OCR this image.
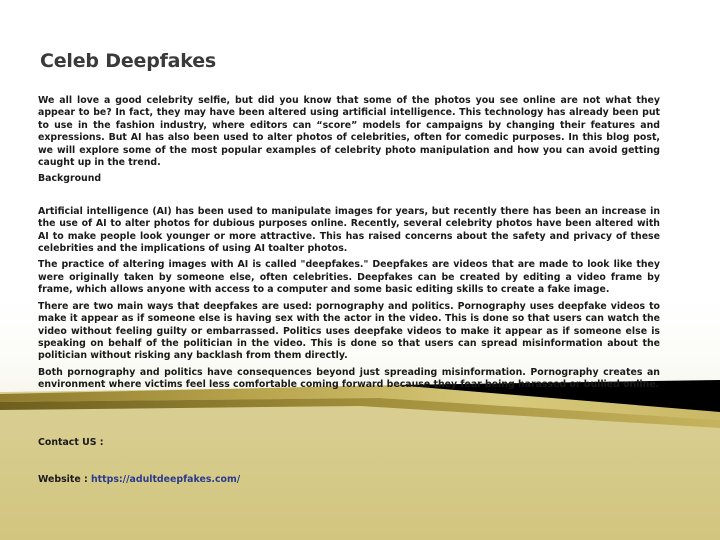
Celeb Deepfakes

We all love a good celebrity selfie, but did you know that some of the photos you see online are not what they appear to be? In fact, they may have been altered using artificial intelligence. This technology has already been put to use in the fashion industry, where editors can “score” models for campaigns by changing their features and expressions. But AI has also been used to alter photos of celebrities, often for comedic purposes. In this blog post, we will explore some of the most popular examples of celebrity photo manipulation and how you can avoid getting caught up in the trend.

Background

Artificial intelligence (AI) has been used to manipulate images for years, but recently there has been an increase in the use of AI to alter photos for dubious purposes online. Recently, several celebrity photos have been altered with AI to make people look younger or more attractive. This has raised concerns about the safety and privacy of these celebrities and the implications of using AI toalter photos.

The practice of altering images with AI is called "deepfakes." Deepfakes are videos that are made to look like they were originally taken by someone else, often celebrities. Deepfakes can be created by editing a video frame by frame, which allows anyone with access to a computer and some basic editing skills to create a fake image.

There are two main ways that deepfakes are used: pornography and politics. Pornography uses deepfake videos to make it appear as if someone else is having sex with the actor in the video. This is done so that users can watch the video without feeling guilty or embarrassed. Politics uses deepfake videos to make it appear as if someone else is speaking on behalf of the politician in the video. This is done so that users can spread misinformation about the politician without risking any backlash from them directly.

Both pornography and politics have consequences beyond just spreading misinformation. Pornography creates an environment where victims feel less comfortable coming forward because they fear being harassed or bullied online.

Contact US :
Website : https://adultdeepfakes.com/
